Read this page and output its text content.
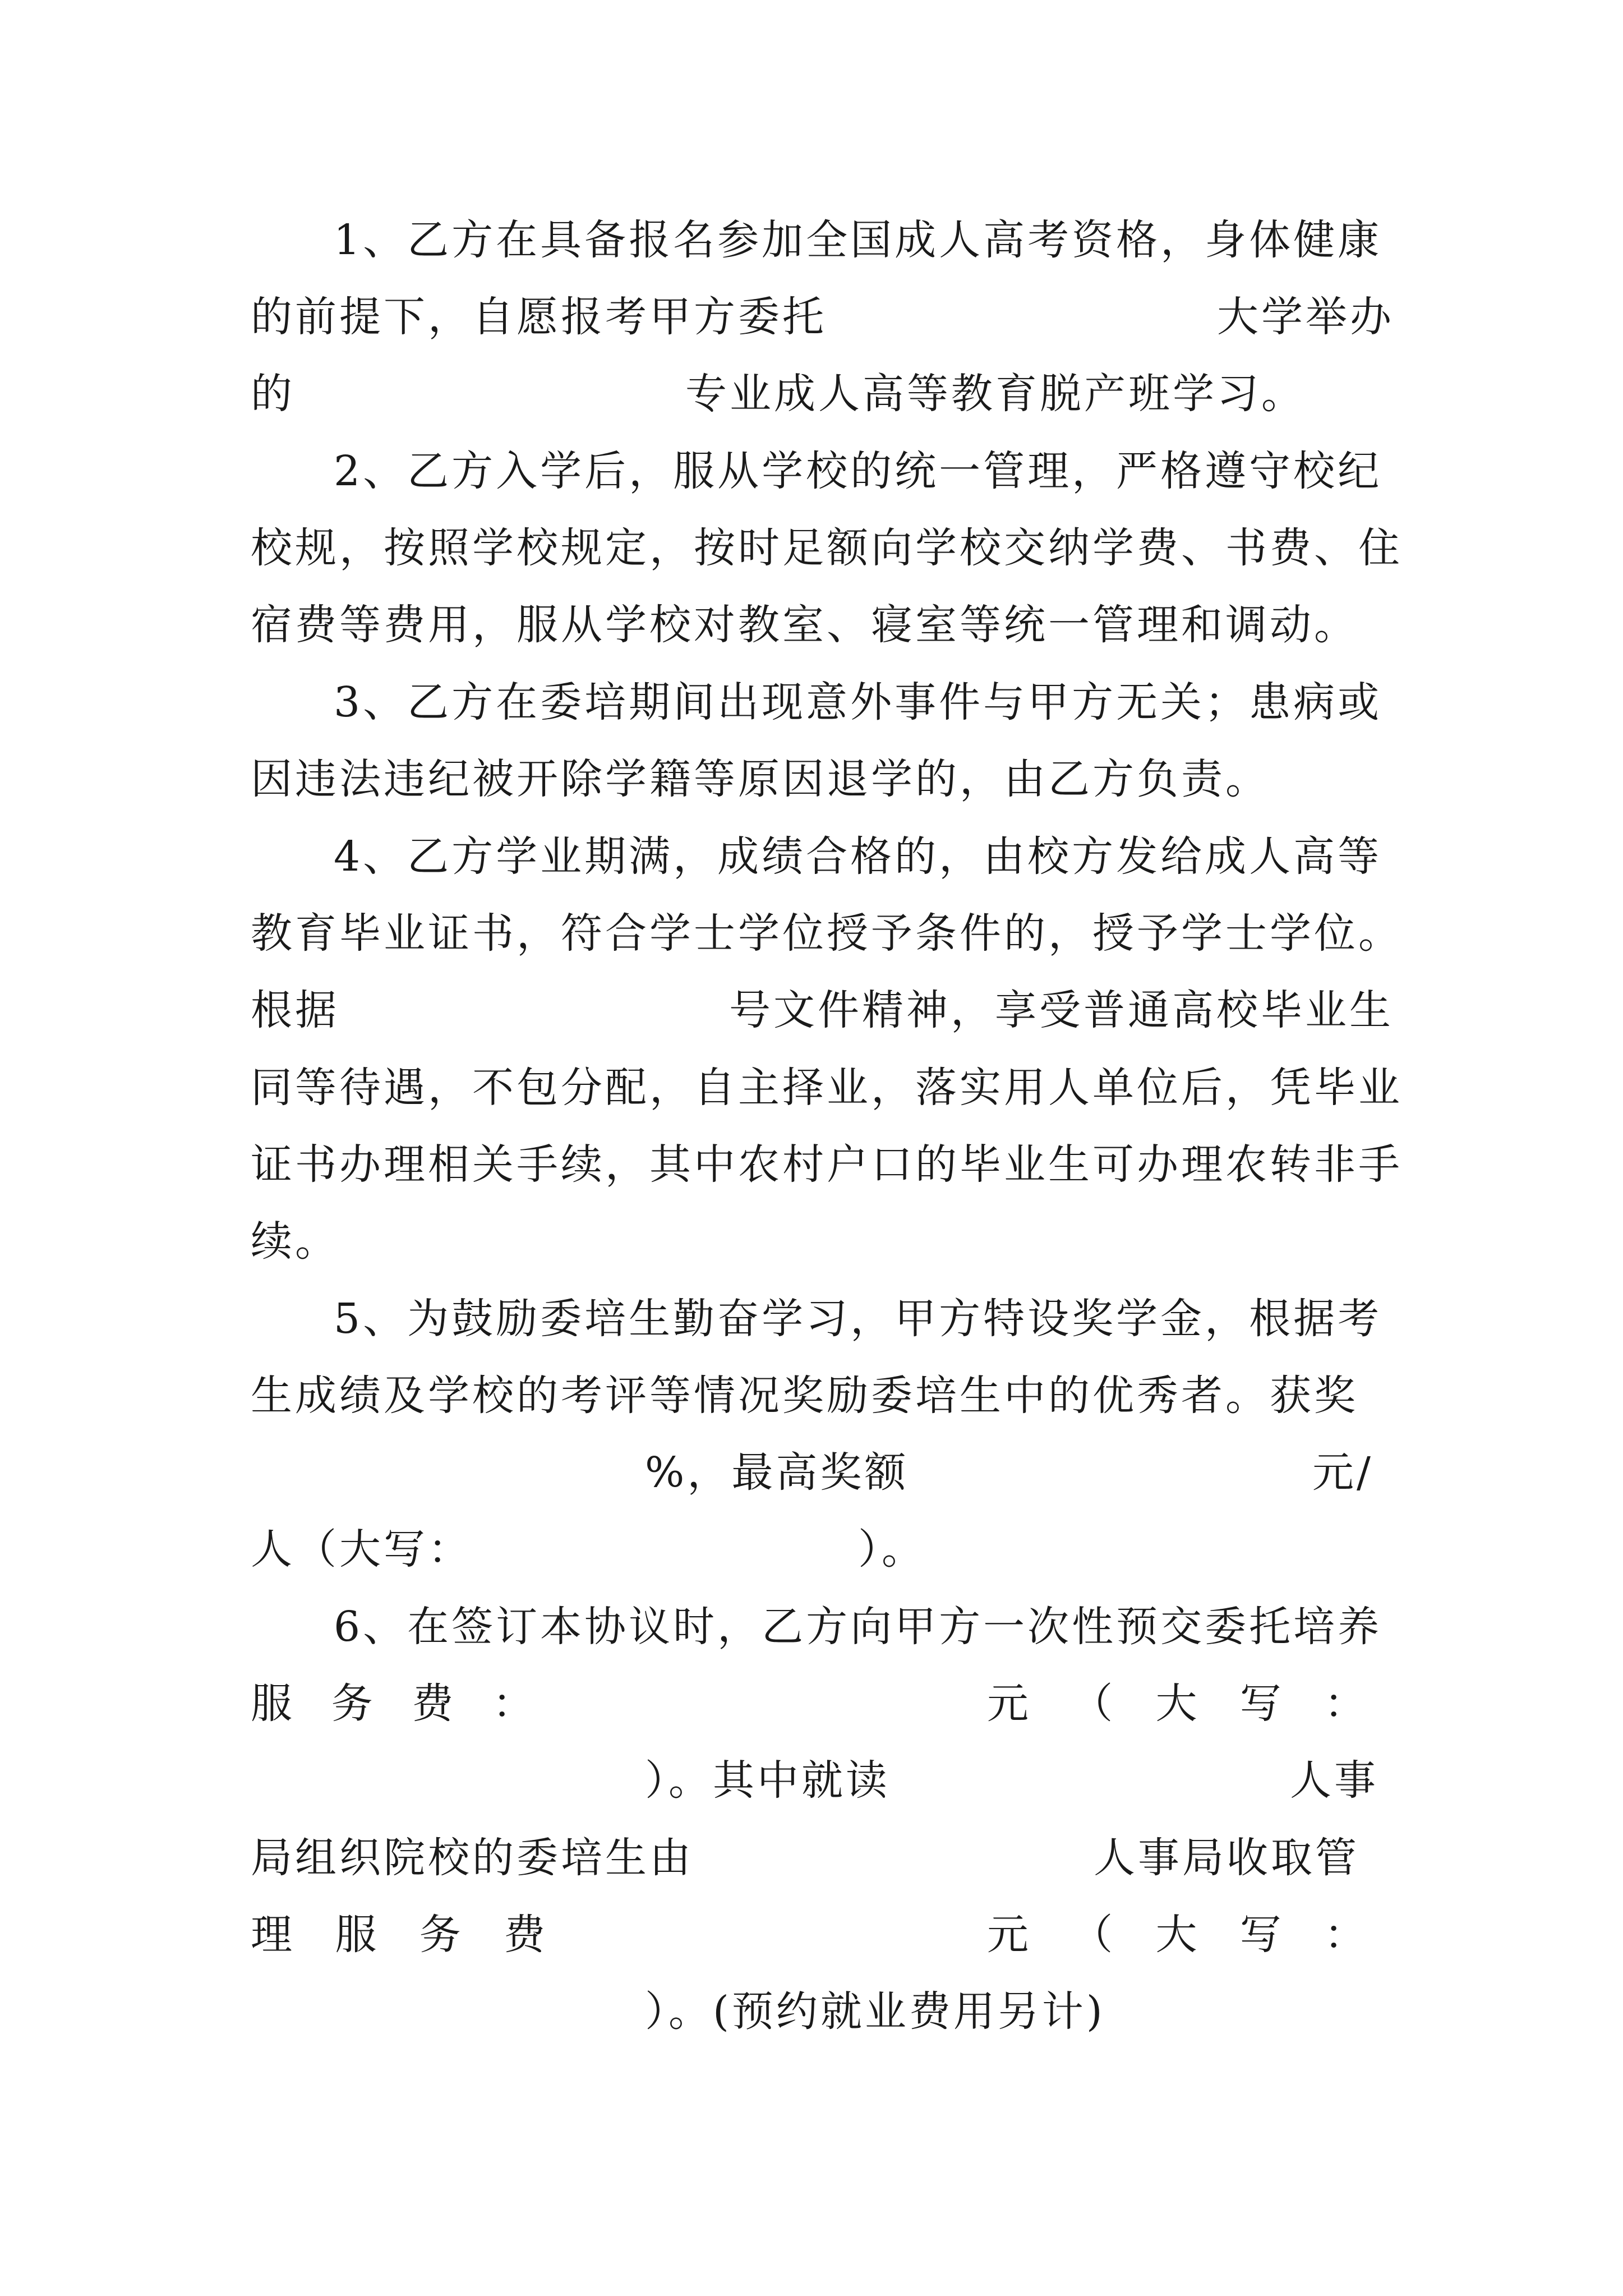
1、乙方在具备报名参加全国成人高考资格，身体健康
的前提下，自愿报考甲方委托	大学举办
的	专业成人高等教育脱产班学习。
2、乙方入学后，服从学校的统一管理，严格遵守校纪
校规，按照学校规定，按时足额向学校交纳学费、书费、住
宿费等费用，服从学校对教室、寝室等统一管理和调动。
3、乙方在委培期间出现意外事件与甲方无关；患病或
因违法违纪被开除学籍等原因退学的，由乙方负责。
4、乙方学业期满，成绩合格的，由校方发给成人高等
教育毕业证书，符合学士学位授予条件的，授予学士学位。
根据	号文件精神，享受普通高校毕业生
同等待遇，不包分配，自主择业，落实用人单位后，凭毕业
证书办理相关手续，其中农村户口的毕业生可办理农转非手
续。
5、为鼓励委培生勤奋学习，甲方特设奖学金，根据考
生成绩及学校的考评等情况奖励委培生中的优秀者。获奖
%，最高奖额	元/
人（大写：	）。
6、在签订本协议时，乙方向甲方一次性预交委托培养
服 务 费 ：	元 （ 大 写 ：
）。其中就读	人事
局组织院校的委培生由	人事局收取管
理 服 务 费	元 （ 大 写 ：
）。(预约就业费用另计)
